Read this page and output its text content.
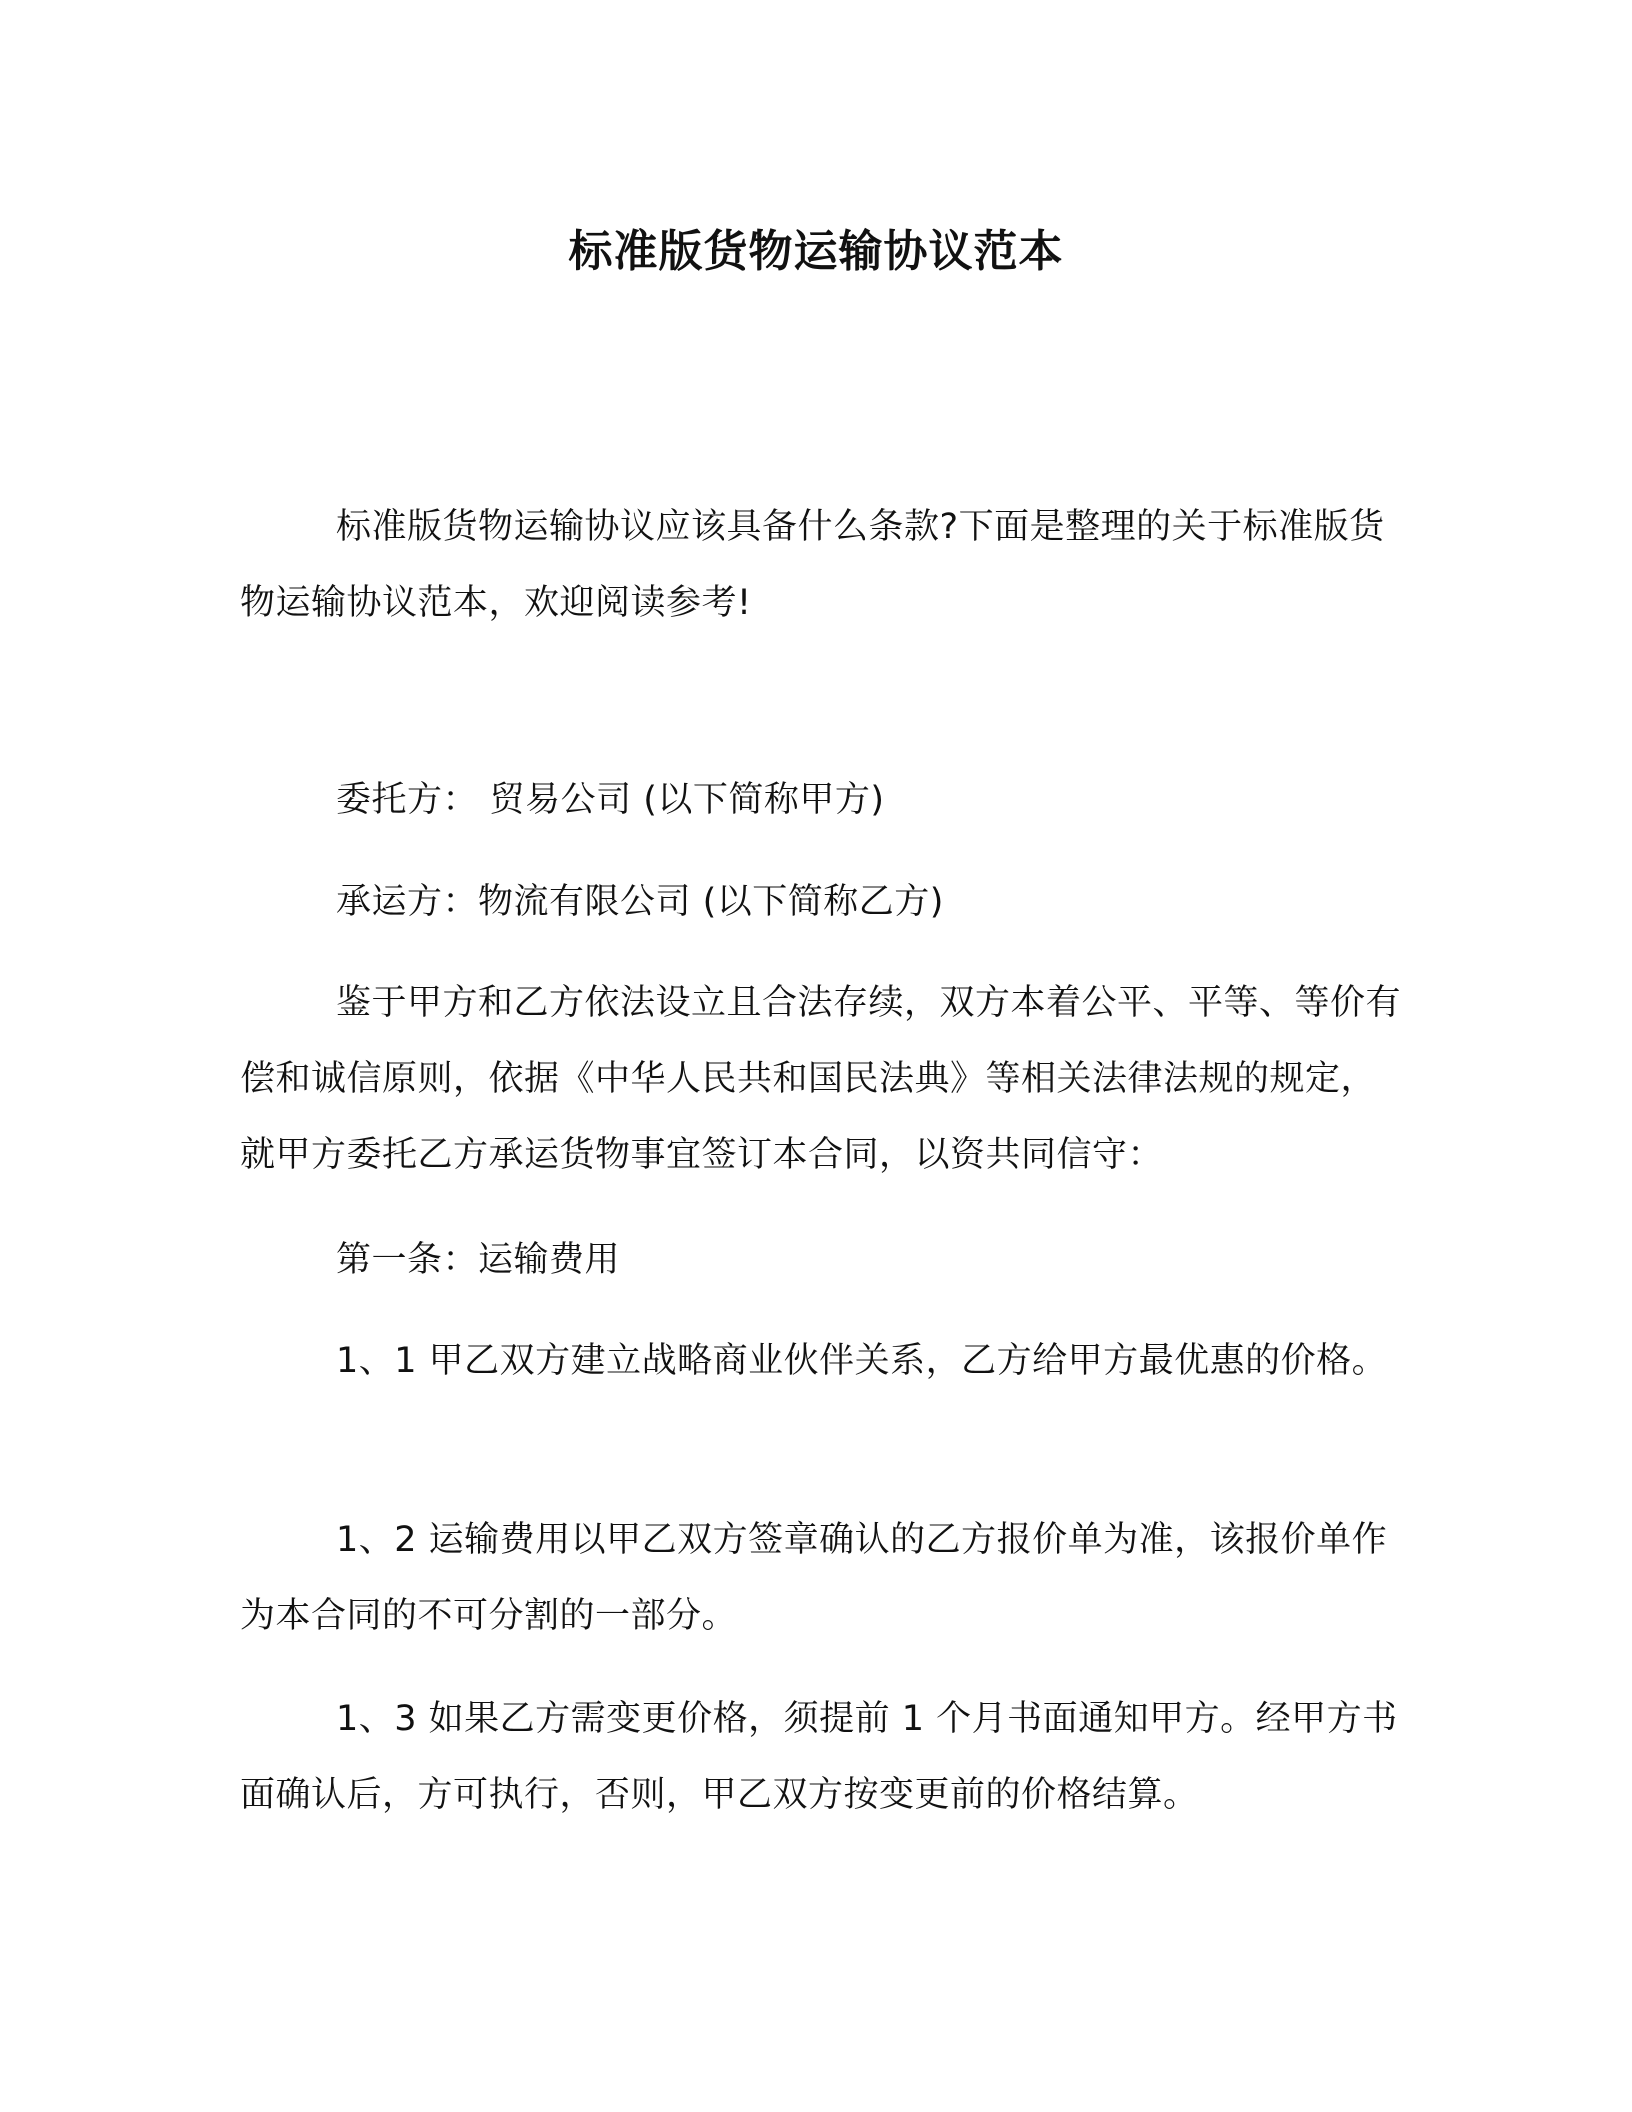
标准版货物运输协议范本

标准版货物运输协议应该具备什么条款?下面是整理的关于标准版货物运输协议范本，欢迎阅读参考!

委托方： 贸易公司 (以下简称甲方)

承运方：物流有限公司 (以下简称乙方)

鉴于甲方和乙方依法设立且合法存续，双方本着公平、平等、等价有偿和诚信原则，依据《中华人民共和国民法典》等相关法律法规的规定，就甲方委托乙方承运货物事宜签订本合同，以资共同信守：

第一条：运输费用

1、1 甲乙双方建立战略商业伙伴关系，乙方给甲方最优惠的价格。

1、2 运输费用以甲乙双方签章确认的乙方报价单为准，该报价单作为本合同的不可分割的一部分。

1、3 如果乙方需变更价格，须提前 1 个月书面通知甲方。经甲方书面确认后，方可执行，否则，甲乙双方按变更前的价格结算。
